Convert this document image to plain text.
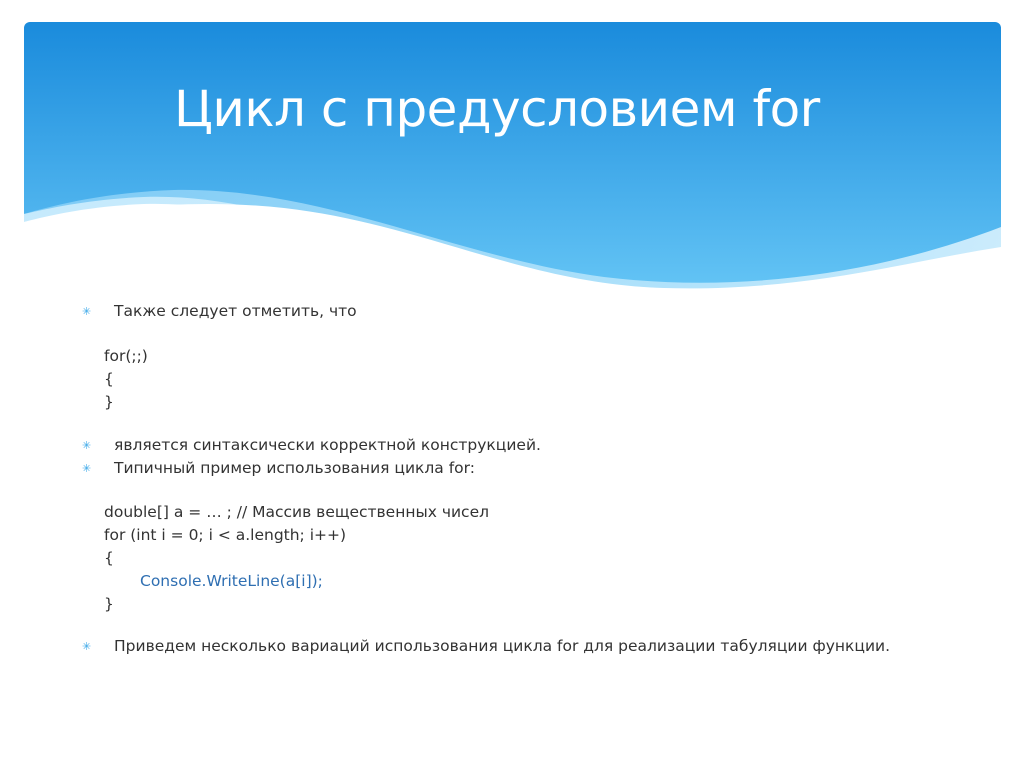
Цикл с предусловием for
✳ Также следует отметить, что
for(;;)
{
}
✳ является синтаксически корректной конструкцией.
✳ Типичный пример использования цикла for:
double[] a = … ; // Массив вещественных чисел
for (int i = 0; i < a.length; i++)
{
Console.WriteLine(a[i]);
}
✳ Приведем несколько вариаций использования цикла for для реализации табуляции функции.
